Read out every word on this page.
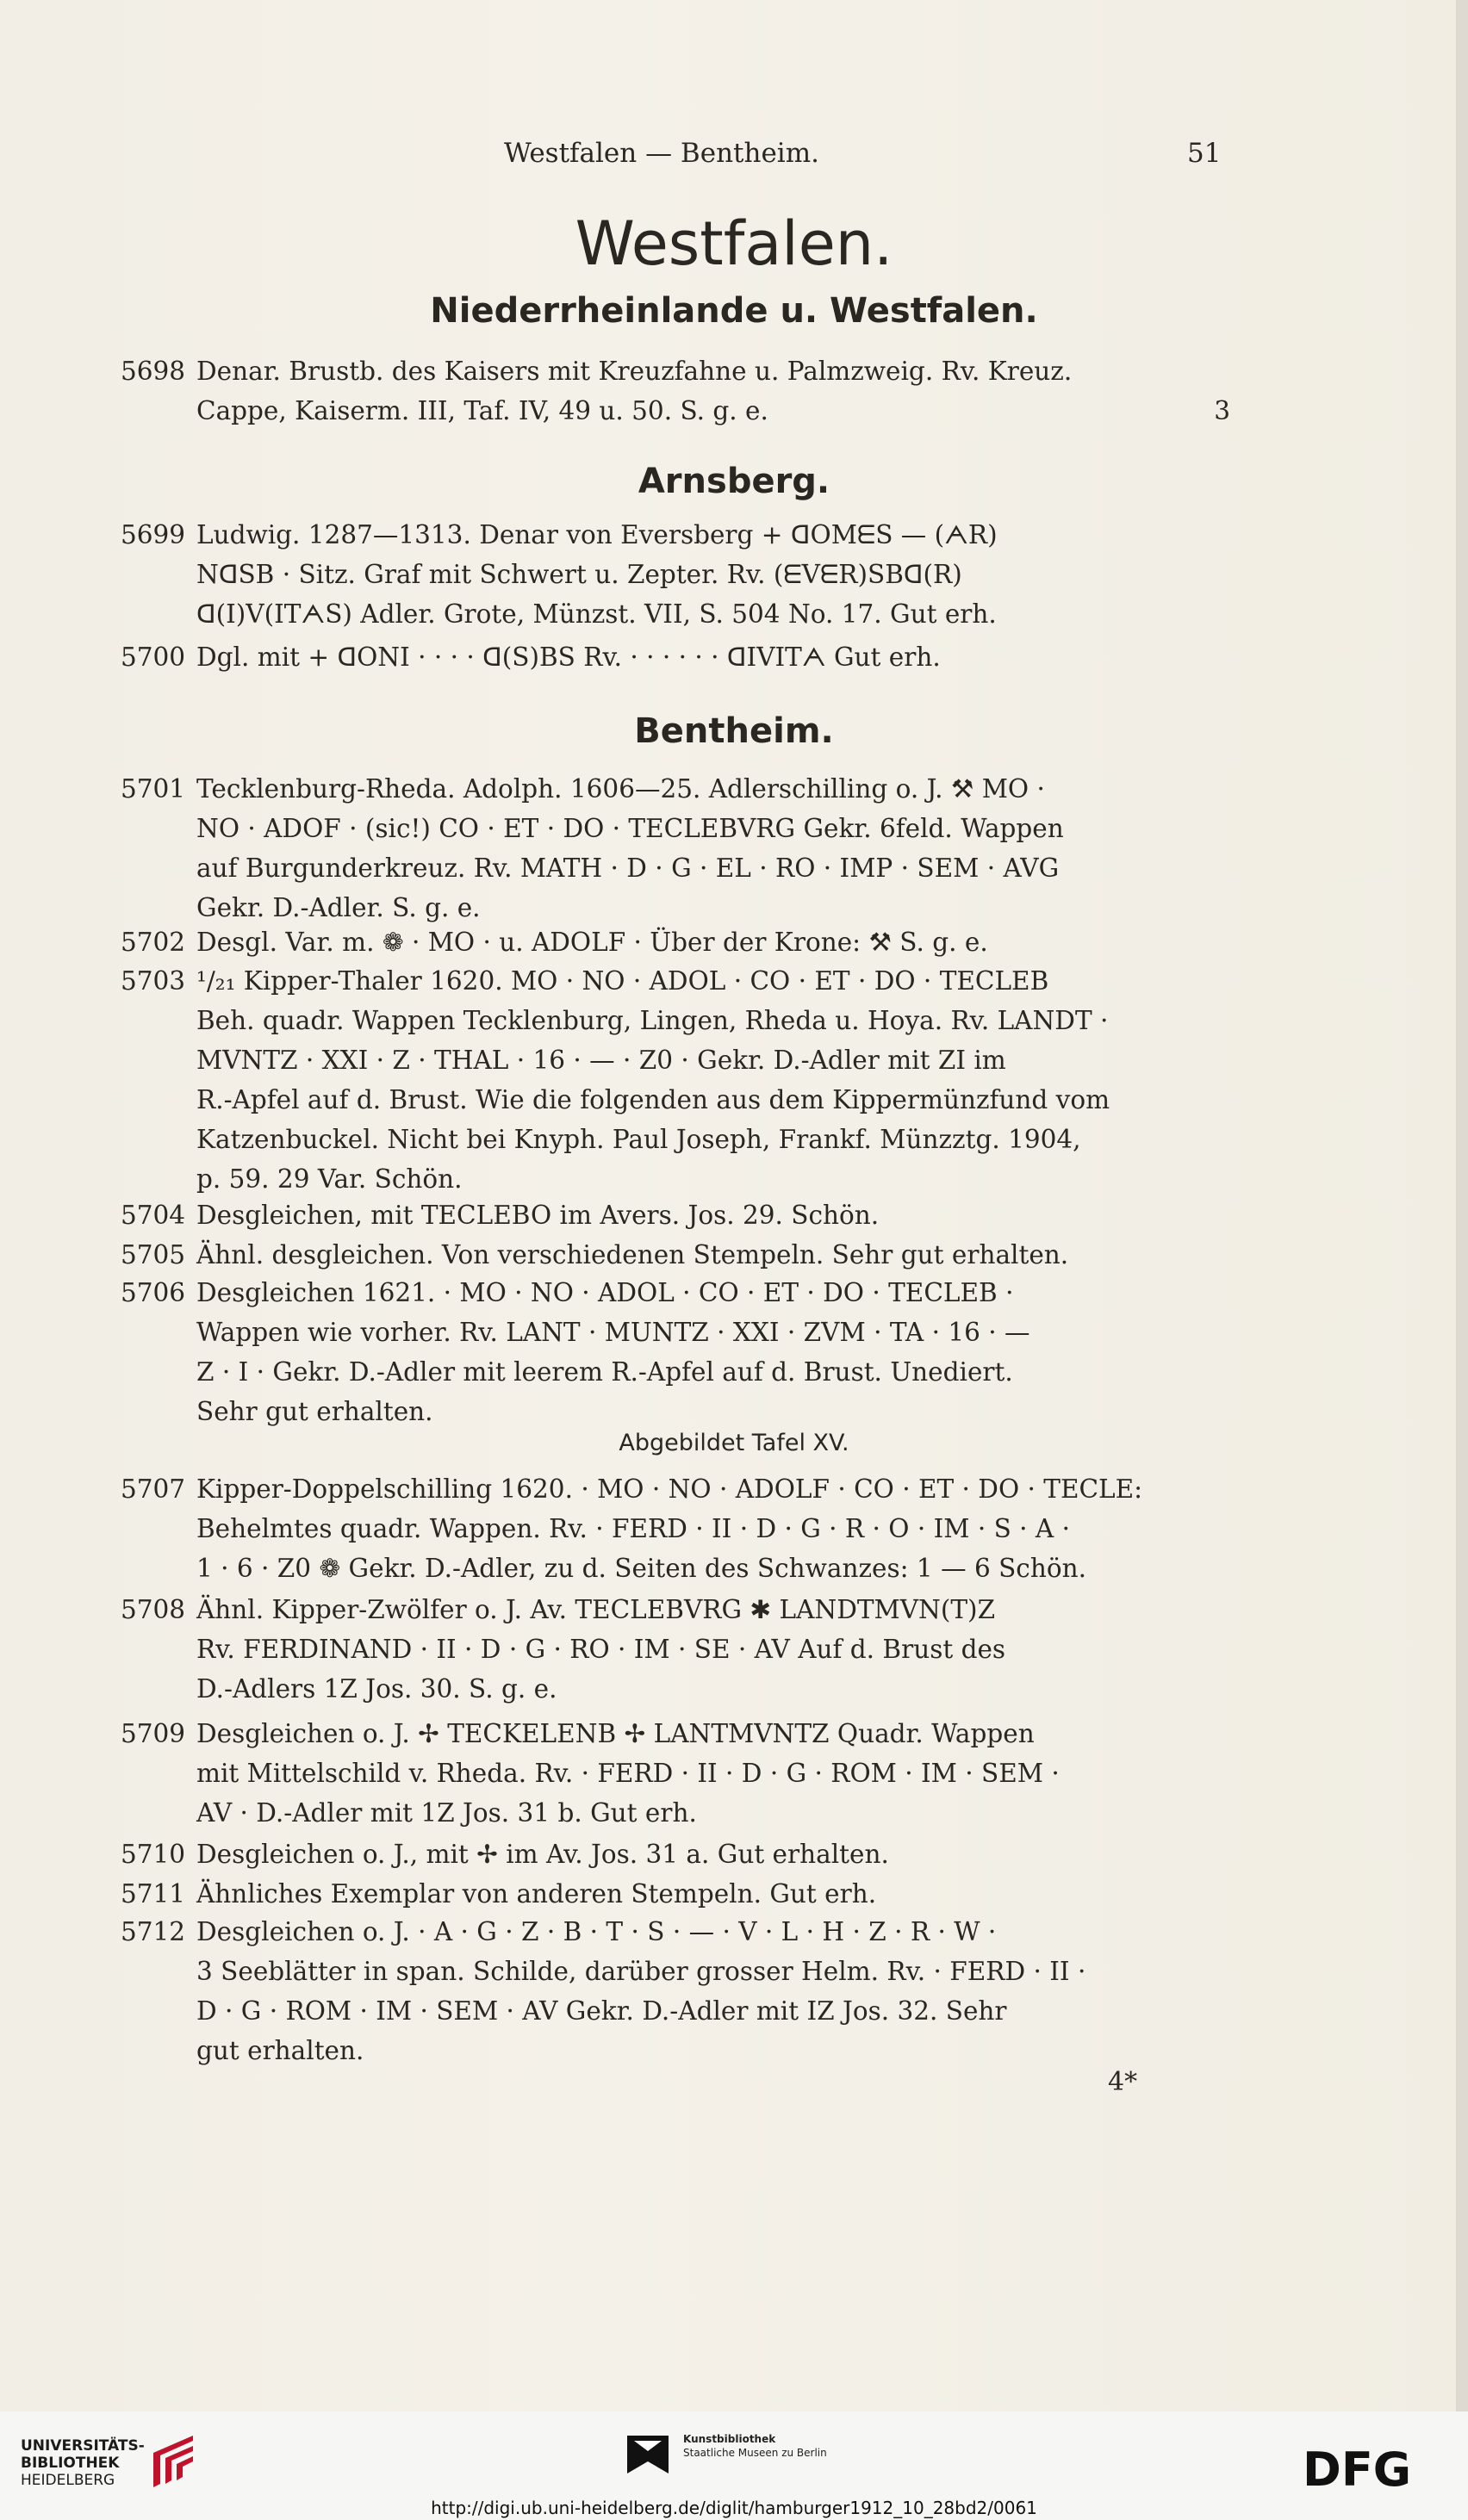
Westfalen — Bentheim.	51
Westfalen.
Niederrheinlande u. Westfalen.
5698 Denar. Brustb. des Kaisers mit Kreuzfahne u. Palmzweig. Rv. Kreuz.
Cappe, Kaiserm. III, Taf. IV, 49 u. 50. S. g. e.	3
Arnsberg.
5699 Ludwig. 1287—1313. Denar von Eversberg + ᗡOMᗴS — (ᗅR)
NᗡSB · Sitz. Graf mit Schwert u. Zepter. Rv. (ᗴVᗴR)SBᗡ(R)
ᗡ(I)V(ITᗅS) Adler. Grote, Münzst. VII, S. 504 No. 17. Gut erh.
5700 Dgl. mit + ᗡONI · · · · ᗡ(S)BS Rv. · · · · · · ᗡIVITᗅ Gut erh.
Bentheim.
5701 Tecklenburg-Rheda. Adolph. 1606—25. Adlerschilling o. J. ⚒ MO ·
NO · ADOF · (sic!) CO · ET · DO · TECLEBVRG Gekr. 6feld. Wappen
auf Burgunderkreuz. Rv. MATH · D · G · EL · RO · IMP · SEM · AVG
Gekr. D.-Adler. S. g. e.
5702 Desgl. Var. m. ❁ · MO · u. ADOLF · Über der Krone: ⚒ S. g. e.
5703 ¹/₂₁ Kipper-Thaler 1620. MO · NO · ADOL · CO · ET · DO · TECLEB
Beh. quadr. Wappen Tecklenburg, Lingen, Rheda u. Hoya. Rv. LANDT ·
MVNTZ · XXI · Z · THAL · 16 · — · Z0 · Gekr. D.-Adler mit ZI im
R.-Apfel auf d. Brust. Wie die folgenden aus dem Kippermünzfund vom
Katzenbuckel. Nicht bei Knyph. Paul Joseph, Frankf. Münzztg. 1904,
p. 59. 29 Var. Schön.
5704 Desgleichen, mit TECLEBO im Avers. Jos. 29. Schön.
5705 Ähnl. desgleichen. Von verschiedenen Stempeln. Sehr gut erhalten.
5706 Desgleichen 1621. · MO · NO · ADOL · CO · ET · DO · TECLEB ·
Wappen wie vorher. Rv. LANT · MUNTZ · XXI · ZVM · TA · 16 · —
Z · I · Gekr. D.-Adler mit leerem R.-Apfel auf d. Brust. Unediert.
Sehr gut erhalten.
Abgebildet Tafel XV.
5707 Kipper-Doppelschilling 1620. · MO · NO · ADOLF · CO · ET · DO · TECLE:
Behelmtes quadr. Wappen. Rv. · FERD · II · D · G · R · O · IM · S · A ·
1 · 6 · Z0 ❁ Gekr. D.-Adler, zu d. Seiten des Schwanzes: 1 — 6 Schön.
5708 Ähnl. Kipper-Zwölfer o. J. Av. TECLEBVRG ✱ LANDTMVN(T)Z
Rv. FERDINAND · II · D · G · RO · IM · SE · AV Auf d. Brust des
D.-Adlers 1Z Jos. 30. S. g. e.
5709 Desgleichen o. J. ✢ TECKELENB ✢ LANTMVNTZ Quadr. Wappen
mit Mittelschild v. Rheda. Rv. · FERD · II · D · G · ROM · IM · SEM ·
AV · D.-Adler mit 1Z Jos. 31 b. Gut erh.
5710 Desgleichen o. J., mit ✢ im Av. Jos. 31 a. Gut erhalten.
5711 Ähnliches Exemplar von anderen Stempeln. Gut erh.
5712 Desgleichen o. J. · A · G · Z · B · T · S · — · V · L · H · Z · R · W ·
3 Seeblätter in span. Schilde, darüber grosser Helm. Rv. · FERD · II ·
D · G · ROM · IM · SEM · AV Gekr. D.-Adler mit IZ Jos. 32. Sehr
gut erhalten.
4*
UNIVERSITÄTS-
BIBLIOTHEK
HEIDELBERG
Kunstbibliothek
Staatliche Museen zu Berlin	DFG
http://digi.ub.uni-heidelberg.de/diglit/hamburger1912_10_28bd2/0061
